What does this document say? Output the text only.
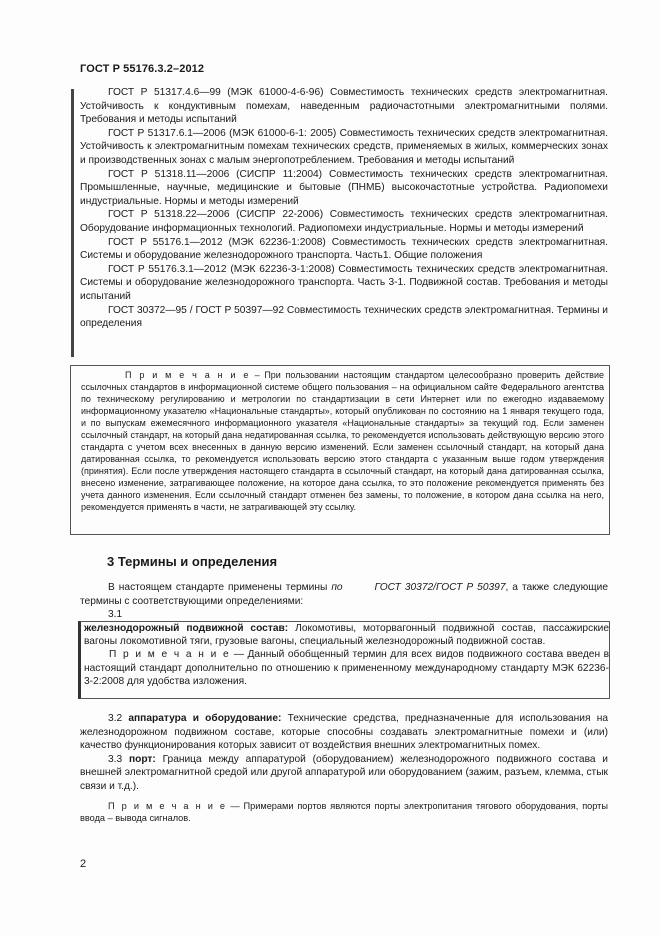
ГОСТ Р 55176.3.2–2012

ГОСТ Р 51317.4.6—99 (МЭК 61000-4-6-96) Совместимость технических средств электромагнитная. Устойчивость к кондуктивным помехам, наведенным радиочастотными электромагнитными полями. Требования и методы испытаний

ГОСТ Р 51317.6.1—2006 (МЭК 61000-6-1: 2005) Совместимость технических средств электромагнитная. Устойчивость к электромагнитным помехам технических средств, применяемых в жилых, коммерческих зонах и производственных зонах с малым энергопотреблением. Требования и методы испытаний

ГОСТ Р 51318.11—2006 (СИСПР 11:2004) Совместимость технических средств электромагнитная. Промышленные, научные, медицинские и бытовые (ПНМБ) высокочастотные устройства. Радиопомехи индустриальные. Нормы и методы измерений

ГОСТ Р 51318.22—2006 (СИСПР 22-2006) Совместимость технических средств электромагнитная. Оборудование информационных технологий. Радиопомехи индустриальные. Нормы и методы измерений

ГОСТ Р 55176.1—2012 (МЭК 62236-1:2008) Совместимость технических средств электромагнитная. Системы и оборудование железнодорожного транспорта. Часть1. Общие положения

ГОСТ Р 55176.3.1—2012 (МЭК 62236-3-1:2008) Совместимость технических средств электромагнитная. Системы и оборудование железнодорожного транспорта. Часть 3-1. Подвижной состав. Требования и методы испытаний

ГОСТ 30372—95 / ГОСТ Р 50397—92 Совместимость технических средств электромагнитная. Термины и определения

П р и м е ч а н и е – При пользовании настоящим стандартом целесообразно проверить действие ссылочных стандартов в информационной системе общего пользования – на официальном сайте Федерального агентства по техническому регулированию и метрологии по стандартизации в сети Интернет или по ежегодно издаваемому информационному указателю «Национальные стандарты», который опубликован по состоянию на 1 января текущего года, и по выпускам ежемесячного информационного указателя «Национальные стандарты» за текущий год. Если заменен ссылочный стандарт, на который дана недатированная ссылка, то рекомендуется использовать действующую версию этого стандарта с учетом всех внесенных в данную версию изменений. Если заменен ссылочный стандарт, на который дана датированная ссылка, то рекомендуется использовать версию этого стандарта с указанным выше годом утверждения (принятия). Если после утверждения настоящего стандарта в ссылочный стандарт, на который дана датированная ссылка, внесено изменение, затрагивающее положение, на которое дана ссылка, то это положение рекомендуется применять без учета данного изменения. Если ссылочный стандарт отменен без замены, то положение, в котором дана ссылка на него, рекомендуется применять в части, не затрагивающей эту ссылку.

3 Термины и определения

В настоящем стандарте применены термины по	ГОСТ 30372/ГОСТ Р 50397, а также следующие термины с соответствующими определениями:

3.1

железнодорожный подвижной состав: Локомотивы, моторвагонный подвижной состав, пассажирские вагоны локомотивной тяги, грузовые вагоны, специальный железнодорожный подвижной состав.

П р и м е ч а н и е — Данный обобщенный термин для всех видов подвижного состава введен в настоящий стандарт дополнительно по отношению к примененному международному стандарту МЭК 62236-3-2:2008 для удобства изложения.

3.2 аппаратура и оборудование: Технические средства, предназначенные для использования на железнодорожном подвижном составе, которые способны создавать электромагнитные помехи и (или) качество функционирования которых зависит от воздействия внешних электромагнитных помех.

3.3 порт: Граница между аппаратурой (оборудованием) железнодорожного подвижного состава и внешней электромагнитной средой или другой аппаратурой или оборудованием (зажим, разъем, клемма, стык связи и т.д.).

П р и м е ч а н и е — Примерами портов являются порты электропитания тягового оборудования, порты ввода – вывода сигналов.

2
